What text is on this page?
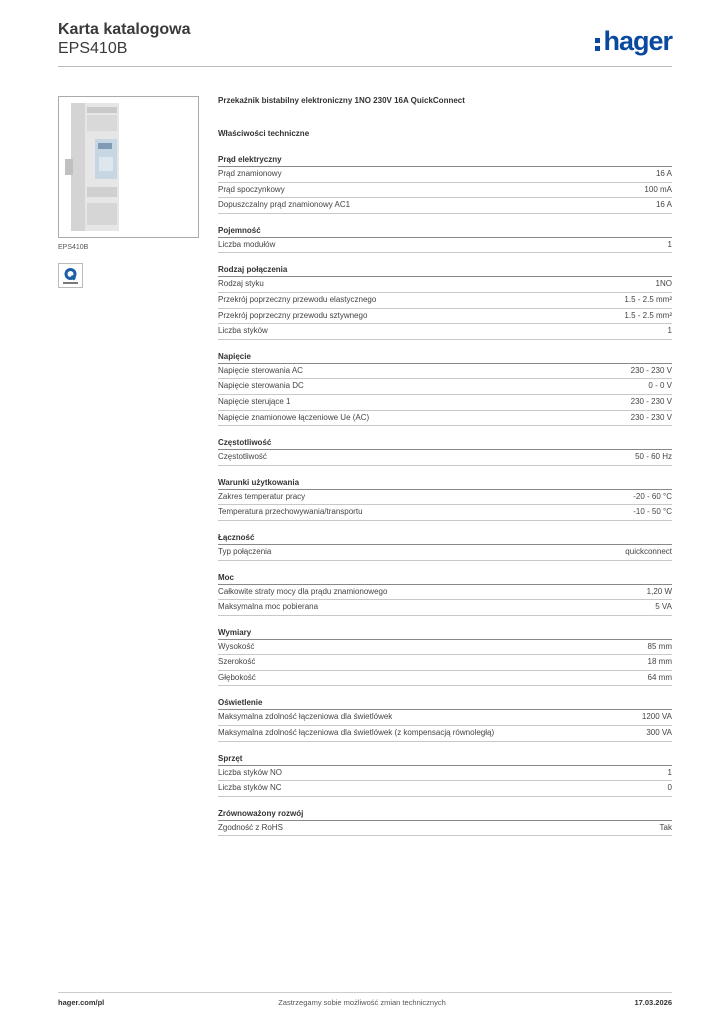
Karta katalogowa
EPS410B	hager
EPS410B
Przekaźnik bistabilny elektroniczny 1NO 230V 16A QuickConnect
Właściwości techniczne
Prąd elektryczny
Prąd znamionowy	16 A
Prąd spoczynkowy	100 mA
Dopuszczalny prąd znamionowy AC1	16 A
Pojemność
Liczba modułów	1
Rodzaj połączenia
Rodzaj styku	1NO
Przekrój poprzeczny przewodu elastycznego	1.5 - 2.5 mm²
Przekrój poprzeczny przewodu sztywnego	1.5 - 2.5 mm²
Liczba styków	1
Napięcie
Napięcie sterowania AC	230 - 230 V
Napięcie sterowania DC	0 - 0 V
Napięcie sterujące 1	230 - 230 V
Napięcie znamionowe łączeniowe Ue (AC)	230 - 230 V
Częstotliwość
Częstotliwość	50 - 60 Hz
Warunki użytkowania
Zakres temperatur pracy	-20 - 60 °C
Temperatura przechowywania/transportu	-10 - 50 °C
Łączność
Typ połączenia	quickconnect
Moc
Całkowite straty mocy dla prądu znamionowego	1,20 W
Maksymalna moc pobierana	5 VA
Wymiary
Wysokość	85 mm
Szerokość	18 mm
Głębokość	64 mm
Oświetlenie
Maksymalna zdolność łączeniowa dla świetlówek	1200 VA
Maksymalna zdolność łączeniowa dla świetlówek (z kompensacją równoległą)	300 VA
Sprzęt
Liczba styków NO	1
Liczba styków NC	0
Zrównoważony rozwój
Zgodność z RoHS	Tak
hager.com/pl	Zastrzegamy sobie możliwość zmian technicznych	17.03.2026
